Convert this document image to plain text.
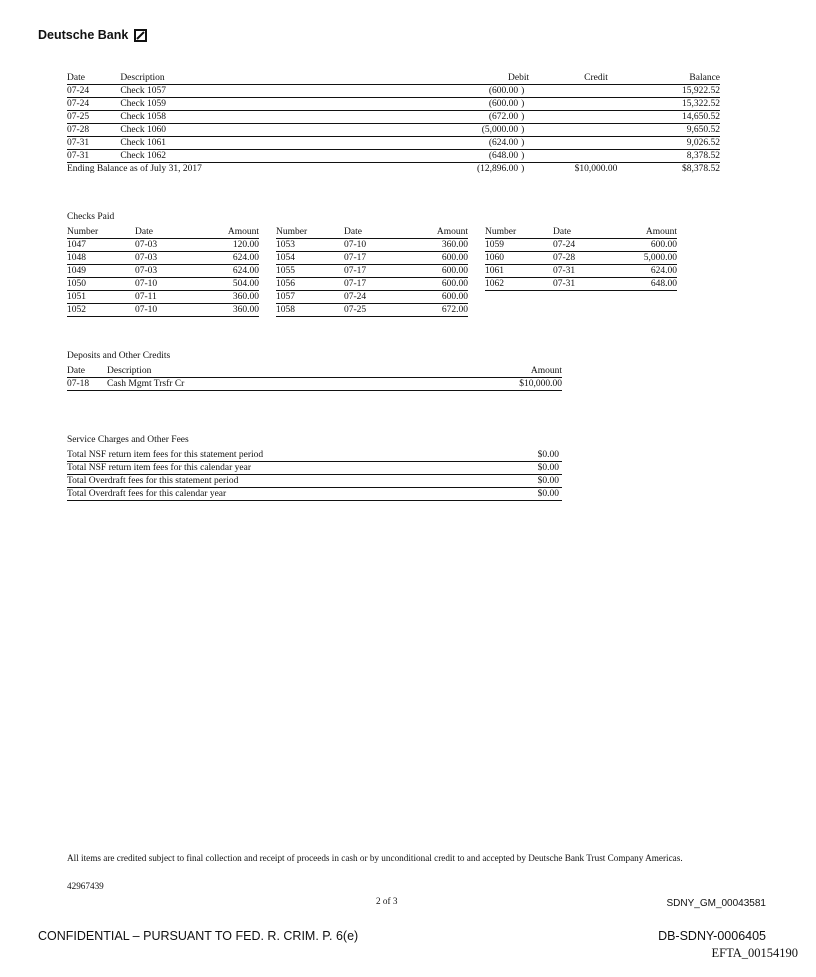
Deutsche Bank
Date	Description	Debit	Credit	Balance
07-24	Check 1057	(600.00 )		15,922.52
07-24	Check 1059	(600.00 )		15,322.52
07-25	Check 1058	(672.00 )		14,650.52
07-28	Check 1060	(5,000.00 )		9,650.52
07-31	Check 1061	(624.00 )		9,026.52
07-31	Check 1062	(648.00 )		8,378.52
Ending Balance as of July 31, 2017		(12,896.00 )	$10,000.00	$8,378.52
Checks Paid
Number	Date	Amount
1047	07-03	120.00
1048	07-03	624.00
1049	07-03	624.00
1050	07-10	504.00
1051	07-11	360.00
1052	07-10	360.00
Number	Date	Amount
1053	07-10	360.00
1054	07-17	600.00
1055	07-17	600.00
1056	07-17	600.00
1057	07-24	600.00
1058	07-25	672.00
Number	Date	Amount
1059	07-24	600.00
1060	07-28	5,000.00
1061	07-31	624.00
1062	07-31	648.00
Deposits and Other Credits
Date	Description	Amount
07-18	Cash Mgmt Trsfr Cr	$10,000.00
Service Charges and Other Fees
Total NSF return item fees for this statement period	$0.00
Total NSF return item fees for this calendar year	$0.00
Total Overdraft fees for this statement period	$0.00
Total Overdraft fees for this calendar year	$0.00
All items are credited subject to final collection and receipt of proceeds in cash or by unconditional credit to and accepted by Deutsche Bank Trust Company Americas.
42967439
2 of 3	SDNY_GM_00043581
CONFIDENTIAL – PURSUANT TO FED. R. CRIM. P. 6(e)	DB-SDNY-0006405
EFTA_00154190
